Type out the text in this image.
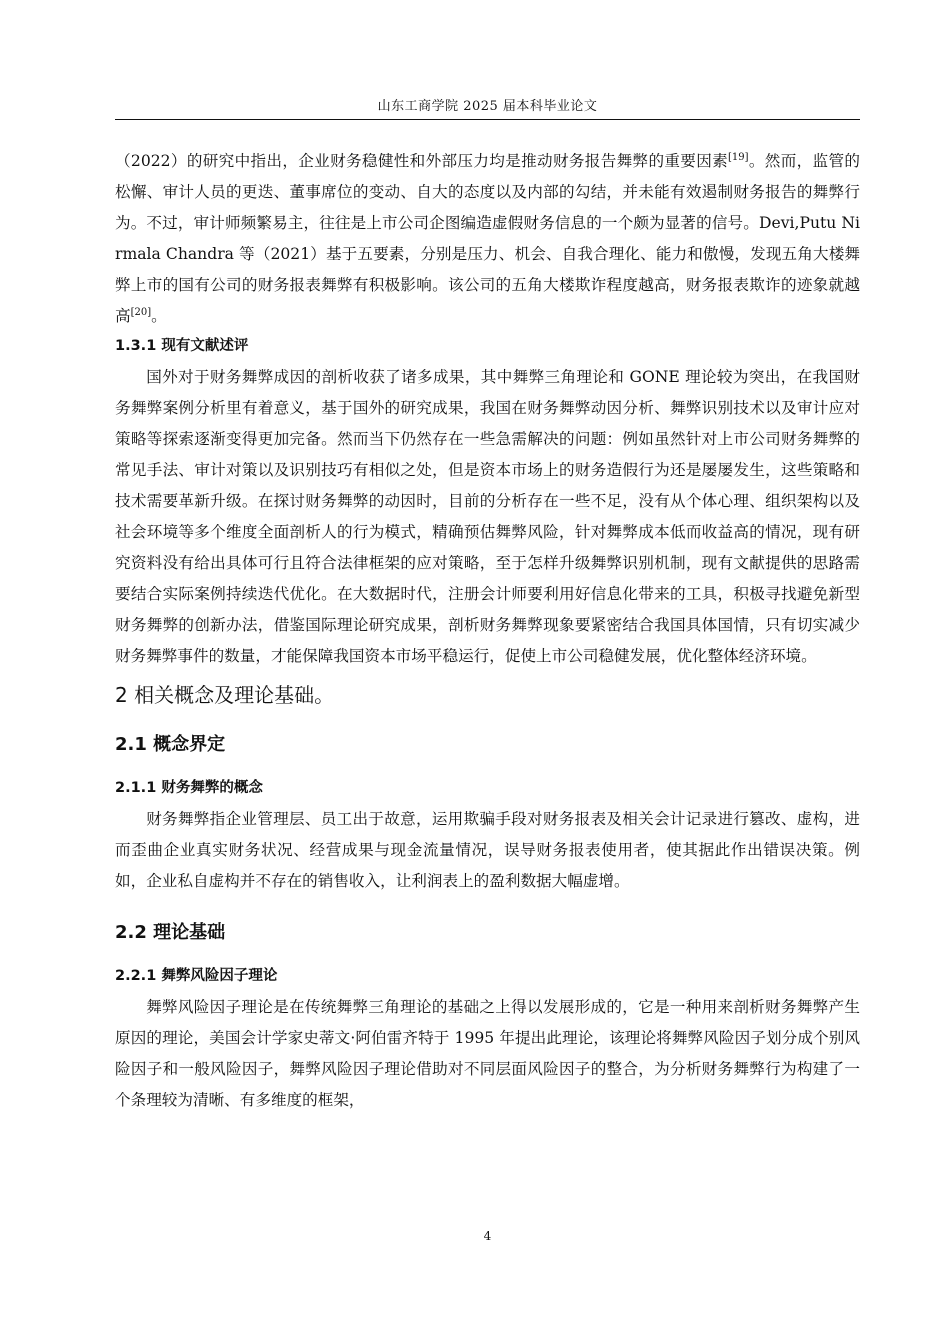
山东工商学院 2025 届本科毕业论文

（2022）的研究中指出，企业财务稳健性和外部压力均是推动财务报告舞弊的重要因素[19]。然而，监管的松懈、审计人员的更迭、董事席位的变动、自大的态度以及内部的勾结，并未能有效遏制财务报告的舞弊行为。不过，审计师频繁易主，往往是上市公司企图编造虚假财务信息的一个颇为显著的信号。Devi,Putu Nirmala Chandra 等（2021）基于五要素，分别是压力、机会、自我合理化、能力和傲慢，发现五角大楼舞弊上市的国有公司的财务报表舞弊有积极影响。该公司的五角大楼欺诈程度越高，财务报表欺诈的迹象就越高[20]。

1.3.1 现有文献述评

国外对于财务舞弊成因的剖析收获了诸多成果，其中舞弊三角理论和 GONE 理论较为突出，在我国财务舞弊案例分析里有着意义，基于国外的研究成果，我国在财务舞弊动因分析、舞弊识别技术以及审计应对策略等探索逐渐变得更加完备。然而当下仍然存在一些急需解决的问题：例如虽然针对上市公司财务舞弊的常见手法、审计对策以及识别技巧有相似之处，但是资本市场上的财务造假行为还是屡屡发生，这些策略和技术需要革新升级。在探讨财务舞弊的动因时，目前的分析存在一些不足，没有从个体心理、组织架构以及社会环境等多个维度全面剖析人的行为模式，精确预估舞弊风险，针对舞弊成本低而收益高的情况，现有研究资料没有给出具体可行且符合法律框架的应对策略，至于怎样升级舞弊识别机制，现有文献提供的思路需要结合实际案例持续迭代优化。在大数据时代，注册会计师要利用好信息化带来的工具，积极寻找避免新型财务舞弊的创新办法，借鉴国际理论研究成果，剖析财务舞弊现象要紧密结合我国具体国情，只有切实减少财务舞弊事件的数量，才能保障我国资本市场平稳运行，促使上市公司稳健发展，优化整体经济环境。

2 相关概念及理论基础。
2.1 概念界定
2.1.1 财务舞弊的概念

财务舞弊指企业管理层、员工出于故意，运用欺骗手段对财务报表及相关会计记录进行篡改、虚构，进而歪曲企业真实财务状况、经营成果与现金流量情况，误导财务报表使用者，使其据此作出错误决策。例如，企业私自虚构并不存在的销售收入，让利润表上的盈利数据大幅虚增。

2.2 理论基础
2.2.1 舞弊风险因子理论

舞弊风险因子理论是在传统舞弊三角理论的基础之上得以发展形成的，它是一种用来剖析财务舞弊产生原因的理论，美国会计学家史蒂文·阿伯雷齐特于 1995 年提出此理论，该理论将舞弊风险因子划分成个别风险因子和一般风险因子，舞弊风险因子理论借助对不同层面风险因子的整合，为分析财务舞弊行为构建了一个条理较为清晰、有多维度的框架，

4
